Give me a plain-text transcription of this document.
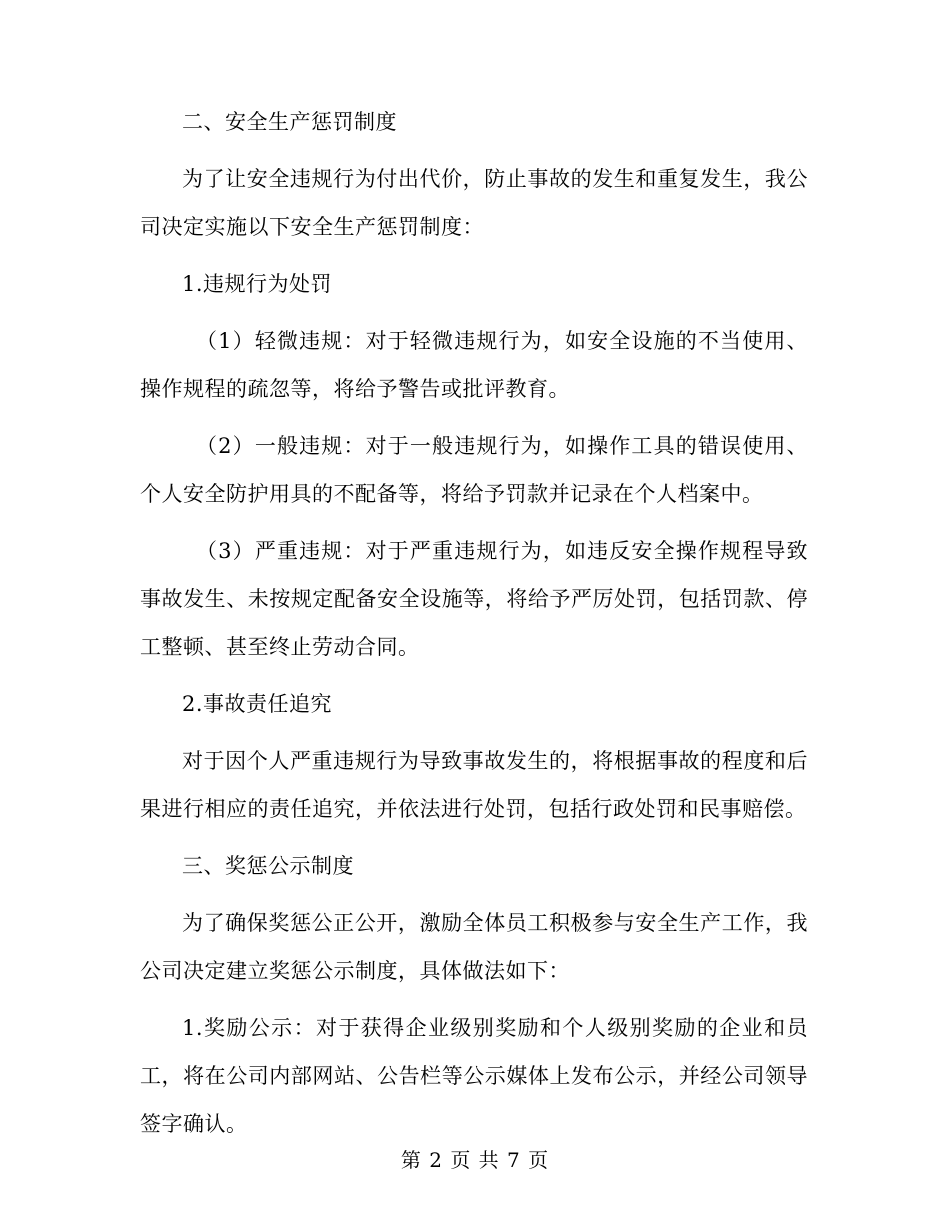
二、安全生产惩罚制度

为了让安全违规行为付出代价，防止事故的发生和重复发生，我公司决定实施以下安全生产惩罚制度：

1.违规行为处罚

（1）轻微违规：对于轻微违规行为，如安全设施的不当使用、操作规程的疏忽等，将给予警告或批评教育。

（2）一般违规：对于一般违规行为，如操作工具的错误使用、个人安全防护用具的不配备等，将给予罚款并记录在个人档案中。

（3）严重违规：对于严重违规行为，如违反安全操作规程导致事故发生、未按规定配备安全设施等，将给予严厉处罚，包括罚款、停工整顿、甚至终止劳动合同。

2.事故责任追究

对于因个人严重违规行为导致事故发生的，将根据事故的程度和后果进行相应的责任追究，并依法进行处罚，包括行政处罚和民事赔偿。

三、奖惩公示制度

为了确保奖惩公正公开，激励全体员工积极参与安全生产工作，我公司决定建立奖惩公示制度，具体做法如下：

1.奖励公示：对于获得企业级别奖励和个人级别奖励的企业和员工，将在公司内部网站、公告栏等公示媒体上发布公示，并经公司领导签字确认。

第 2 页 共 7 页
